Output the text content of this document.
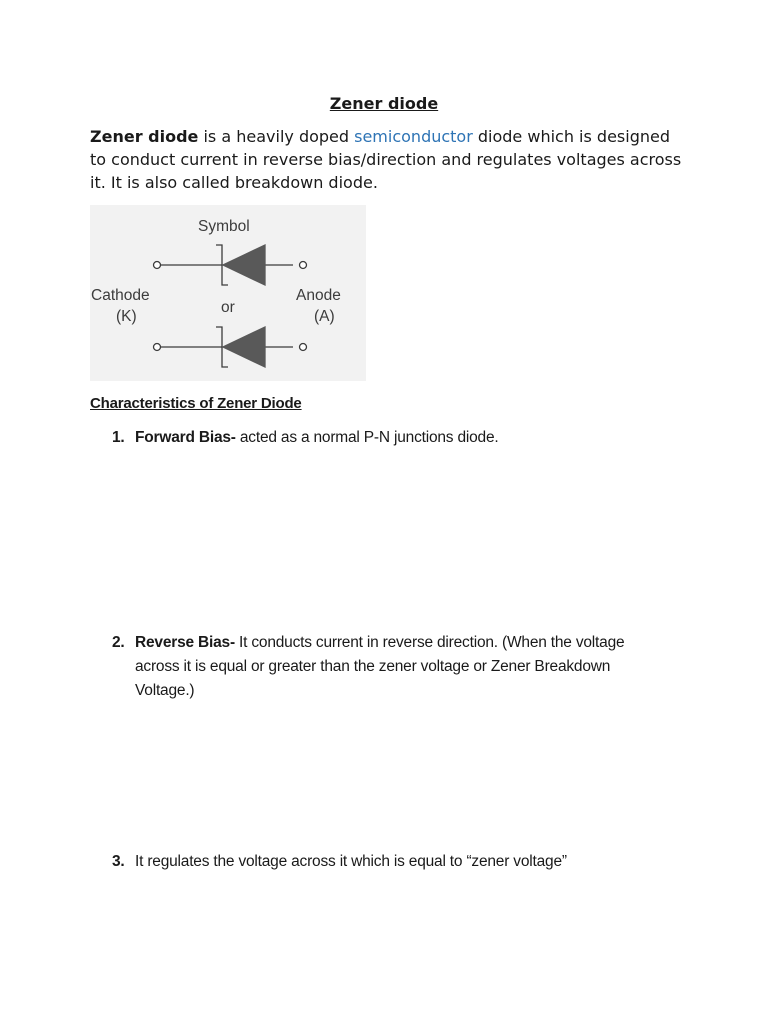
Zener diode

Zener diode is a heavily doped semiconductor diode which is designed to conduct current in reverse bias/direction and regulates voltages across it. It is also called breakdown diode.

Symbol
Cathode
(K)
Anode
(A)
or
Characteristics of Zener Diode
1. Forward Bias- acted as a normal P-N junctions diode.
2. Reverse Bias- It conducts current in reverse direction. (When the voltage across it is equal or greater than the zener voltage or Zener Breakdown Voltage.)
3. It regulates the voltage across it which is equal to “zener voltage”
